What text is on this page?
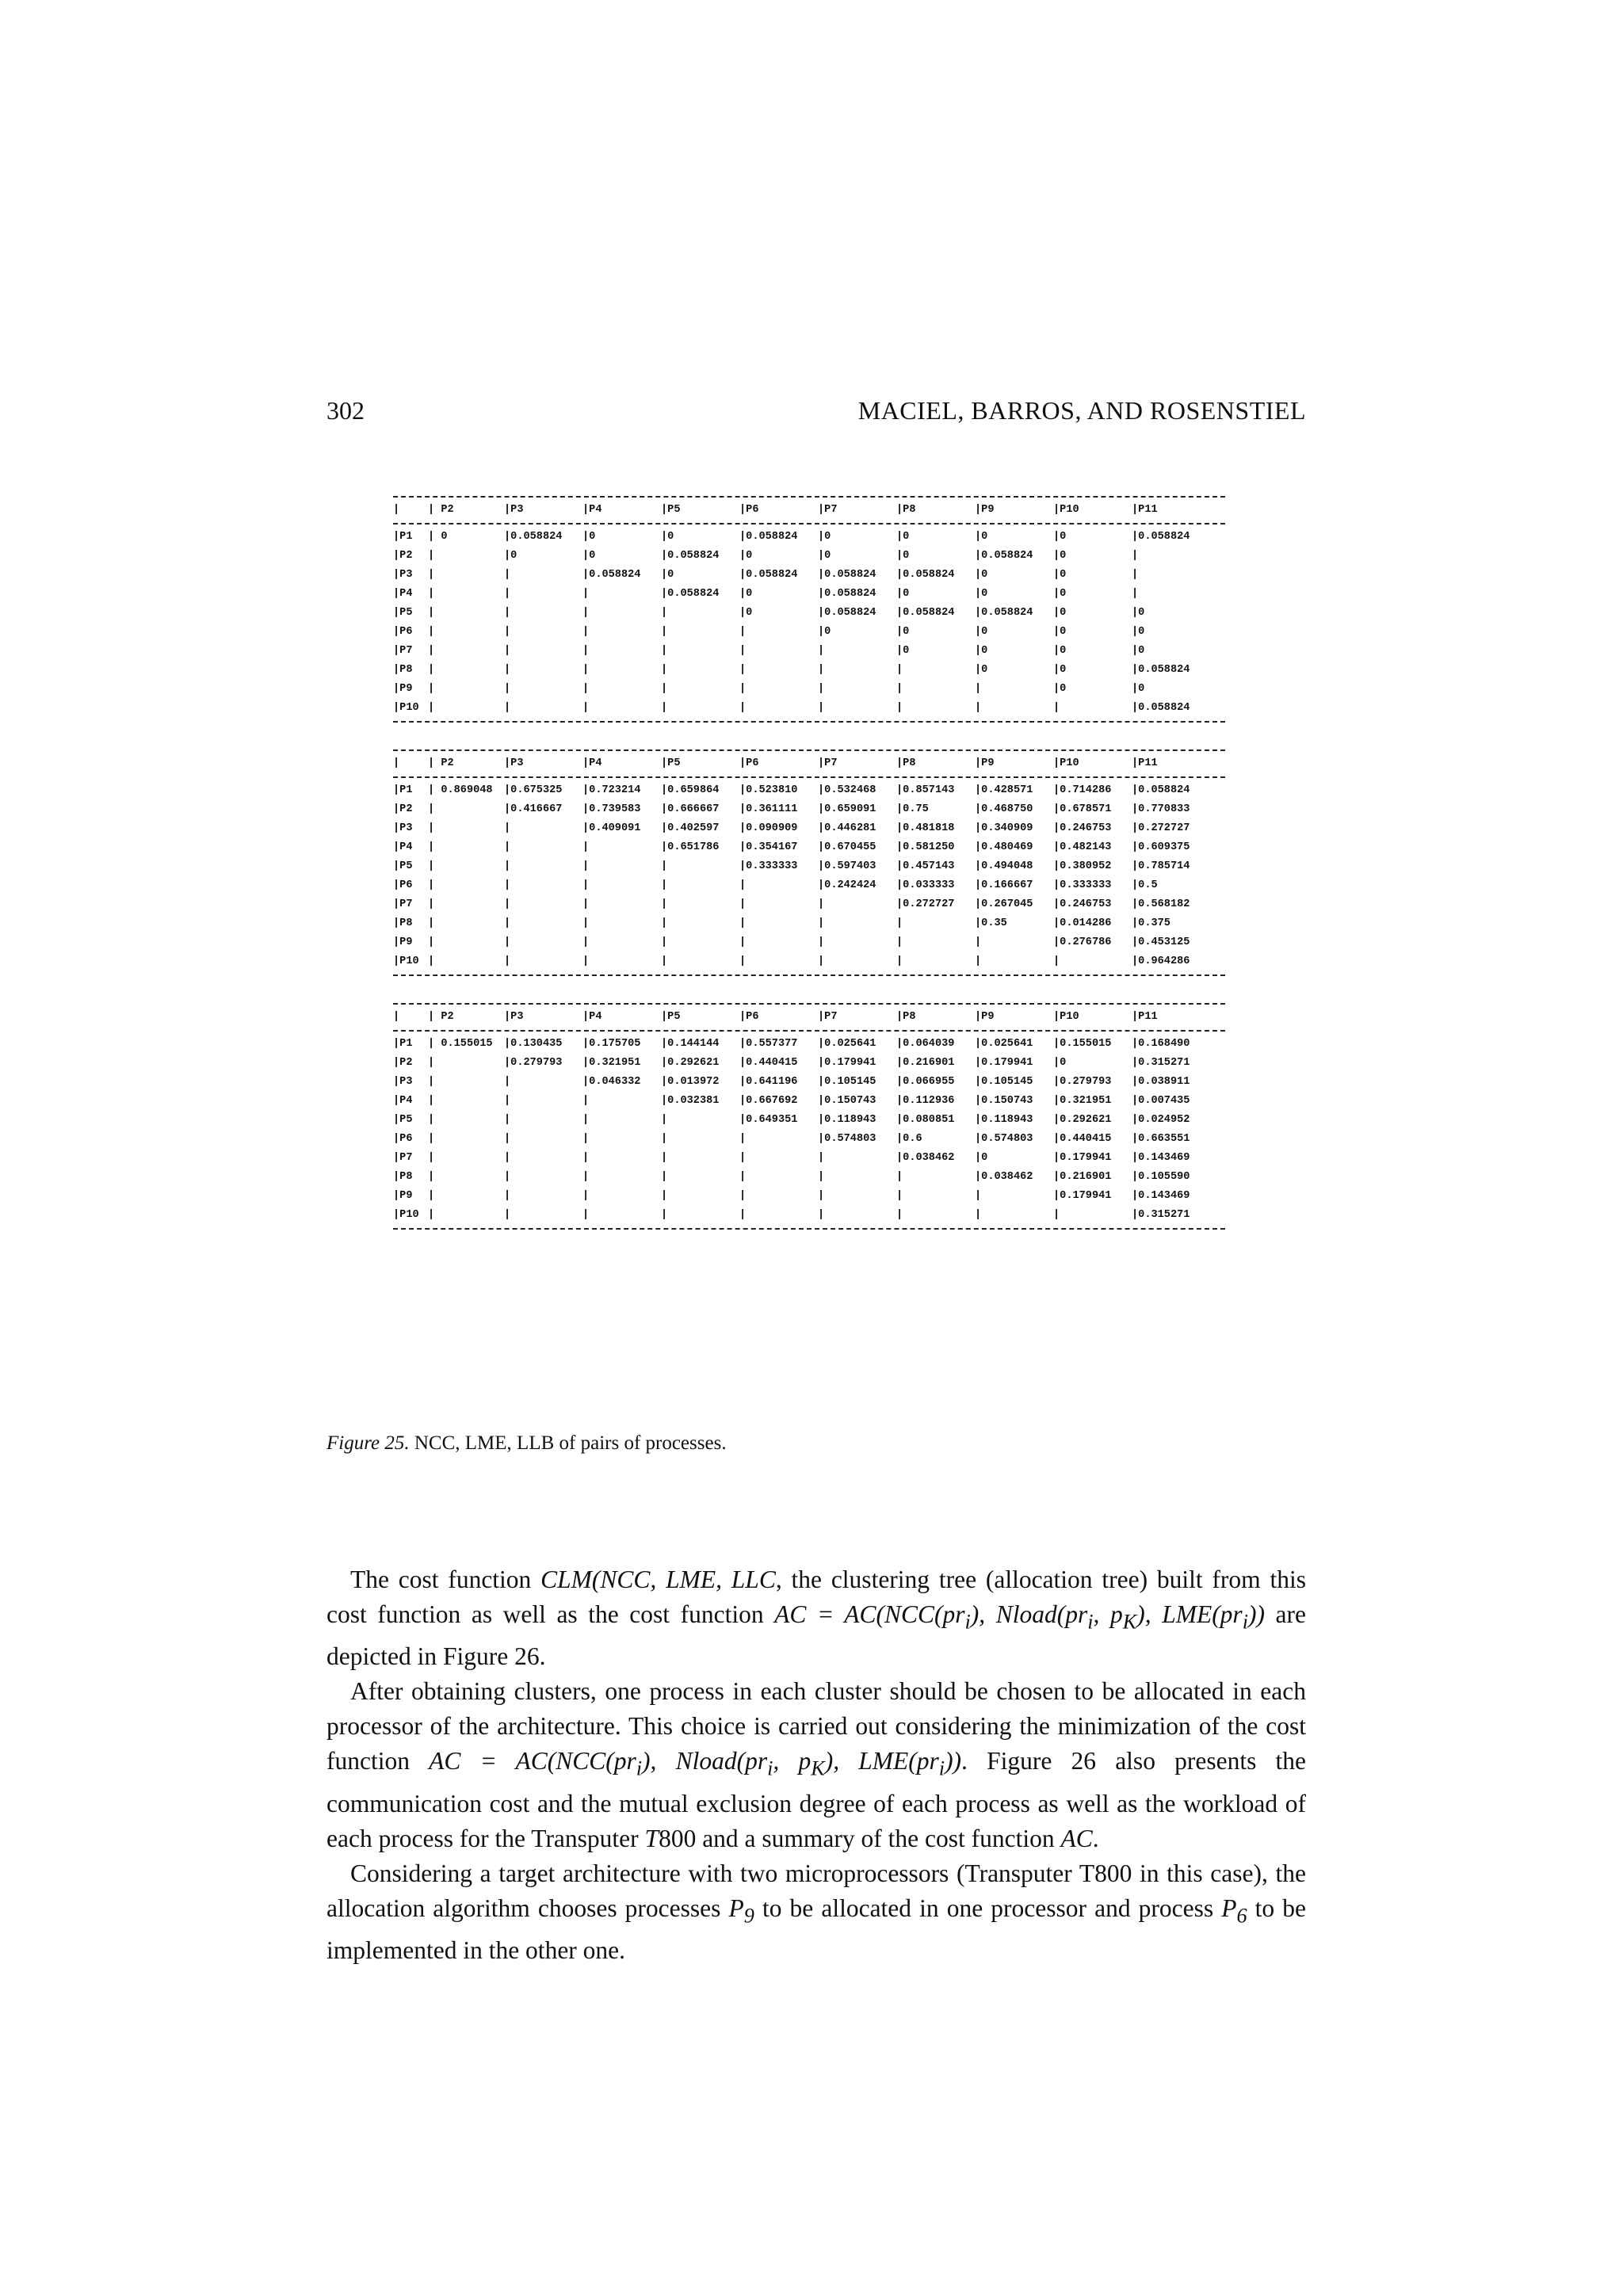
302	MACIEL, BARROS, AND ROSENSTIEL
|	| P2	|P3	|P4	|P5	|P6	|P7	|P8	|P9	|P10	|P11
|P1	| 0	|0.058824	|0	|0	|0.058824	|0	|0	|0	|0	|0.058824
|P2	|	|0	|0	|0.058824	|0	|0	|0	|0.058824	|0	|
|P3	|	|	|0.058824	|0	|0.058824	|0.058824	|0.058824	|0	|0	|
|P4	|	|	|	|0.058824	|0	|0.058824	|0	|0	|0	|
|P5	|	|	|	|	|0	|0.058824	|0.058824	|0.058824	|0	|0
|P6	|	|	|	|	|	|0	|0	|0	|0	|0
|P7	|	|	|	|	|	|	|0	|0	|0	|0
|P8	|	|	|	|	|	|	|	|0	|0	|0.058824
|P9	|	|	|	|	|	|	|	|	|0	|0
|P10	|	|	|	|	|	|	|	|	|	|0.058824
|	| P2	|P3	|P4	|P5	|P6	|P7	|P8	|P9	|P10	|P11
|P1	| 0.869048	|0.675325	|0.723214	|0.659864	|0.523810	|0.532468	|0.857143	|0.428571	|0.714286	|0.058824
|P2	|	|0.416667	|0.739583	|0.666667	|0.361111	|0.659091	|0.75	|0.468750	|0.678571	|0.770833
|P3	|	|	|0.409091	|0.402597	|0.090909	|0.446281	|0.481818	|0.340909	|0.246753	|0.272727
|P4	|	|	|	|0.651786	|0.354167	|0.670455	|0.581250	|0.480469	|0.482143	|0.609375
|P5	|	|	|	|	|0.333333	|0.597403	|0.457143	|0.494048	|0.380952	|0.785714
|P6	|	|	|	|	|	|0.242424	|0.033333	|0.166667	|0.333333	|0.5
|P7	|	|	|	|	|	|	|0.272727	|0.267045	|0.246753	|0.568182
|P8	|	|	|	|	|	|	|	|0.35	|0.014286	|0.375
|P9	|	|	|	|	|	|	|	|	|0.276786	|0.453125
|P10	|	|	|	|	|	|	|	|	|	|0.964286
|	| P2	|P3	|P4	|P5	|P6	|P7	|P8	|P9	|P10	|P11
|P1	| 0.155015	|0.130435	|0.175705	|0.144144	|0.557377	|0.025641	|0.064039	|0.025641	|0.155015	|0.168490
|P2	|	|0.279793	|0.321951	|0.292621	|0.440415	|0.179941	|0.216901	|0.179941	|0	|0.315271
|P3	|	|	|0.046332	|0.013972	|0.641196	|0.105145	|0.066955	|0.105145	|0.279793	|0.038911
|P4	|	|	|	|0.032381	|0.667692	|0.150743	|0.112936	|0.150743	|0.321951	|0.007435
|P5	|	|	|	|	|0.649351	|0.118943	|0.080851	|0.118943	|0.292621	|0.024952
|P6	|	|	|	|	|	|0.574803	|0.6	|0.574803	|0.440415	|0.663551
|P7	|	|	|	|	|	|	|0.038462	|0	|0.179941	|0.143469
|P8	|	|	|	|	|	|	|	|0.038462	|0.216901	|0.105590
|P9	|	|	|	|	|	|	|	|	|0.179941	|0.143469
|P10	|	|	|	|	|	|	|	|	|	|0.315271
Figure 25. NCC, LME, LLB of pairs of processes.

The cost function CLM(NCC, LME, LLC, the clustering tree (allocation tree) built from this cost function as well as the cost function AC = $AC(NCC(pr_i)$, $Nload(pr_i$, $p_K$), $LME(pr_i)$) are depicted in Figure 26.

After obtaining clusters, one process in each cluster should be chosen to be allocated in each processor of the architecture. This choice is carried out considering the minimization of the cost function AC = $AC(NCC(pr_i)$, $Nload(pr_i$, $p_K$), $LME(pr_i)$). Figure 26 also presents the communication cost and the mutual exclusion degree of each process as well as the workload of each process for the Transputer T800 and a summary of the cost function AC.

Considering a target architecture with two microprocessors (Transputer T800 in this case), the allocation algorithm chooses processes $P_9$ to be allocated in one processor and process $P_6$ to be implemented in the other one.
